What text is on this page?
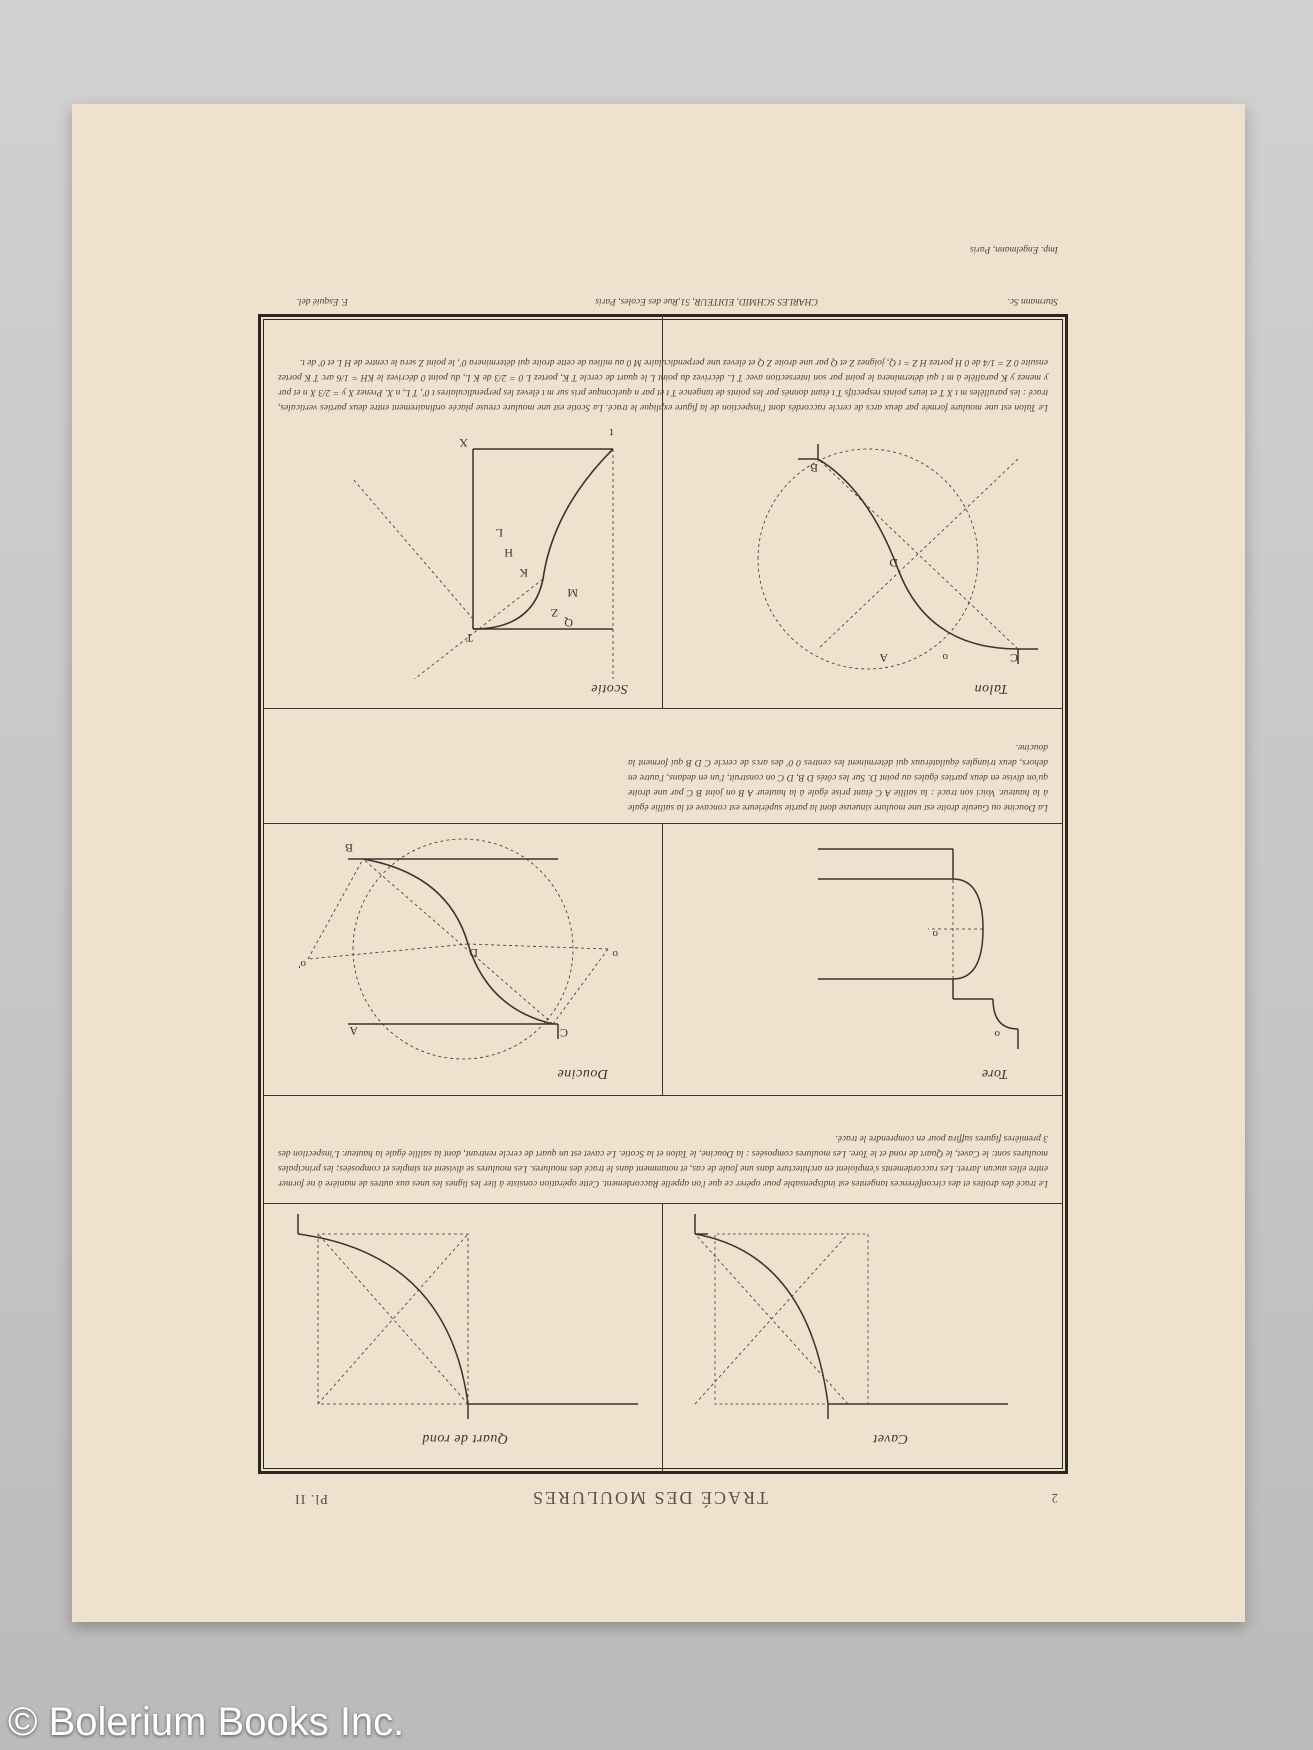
2
TRACÉ DES MOULURES
Pl. II
Cavet
Quart de rond
Le tracé des droites et des circonférences tangentes est indispensable pour opérer ce que l'on appelle Raccordement. Cette opération consiste à lier les lignes les unes aux autres de manière à ne former entre elles aucun Jarret. Les raccordements s'emploient en architecture dans une foule de cas, et notamment dans le tracé des moulures. Les moulures se divisent en simples et composées; les principales moulures sont: le Cavet, le Quart de rond et le Tore. Les moulures composées : la Doucine, le Talon et la Scotie. Le cavet est un quart de cercle rentrant, dont la saillie égale la hauteur. L'inspection des 3 premières figures suffira pour en comprendre le tracé.
Tore
Doucine
o
o
C
A
D	o
o'
B
La Doucine ou Gueule droite est une moulure sinueuse dont la partie supérieure est concave et la saillie égale à la hauteur. Voici son tracé : la saillie A C étant prise égale à la hauteur A B on joint B C par une droite qu'on divise en deux parties égales au point D. Sur les côtés D B, D C on construit, l'un en dedans, l'autre en dehors, deux triangles équilatéraux qui déterminent les centres 0 0' des arcs de cercle C D B qui forment la doucine.
Talon
Scotie
C
o
A
D
B
T
X
Z
M
K
H
L
t
Q
Le Talon est une moulure formée par deux arcs de cercle raccordés dont l'inspection de la figure explique le tracé. La Scotie est une moulure creuse placée ordinairement entre deux parties verticales, tracé : les parallèles m t X T et leurs points respectifs T t étant donnés par les points de tangence T t et par n quelconque pris sur m t élevez les perpendiculaires t 0', T L, n X. Prenez X y = 2/3 X n et par y menez y K parallèle à m t qui déterminera le point par son intersection avec T L. décrivez du point L le quart de cercle T K, portez L 0 = 2/3 de K L, du point 0 décrivez le KH = 1/6 arc T K portez ensuite 0 Z = 1/4 de 0 H portez H Z = t Q, joignez Z et Q par une droite Z Q et élevez une perpendiculaire M 0 au milieu de cette droite qui déterminera 0', le point Z sera le centre de H L et 0' de t.
Sturmann Sc.
CHARLES SCHMID, EDITEUR, 51,Rue des Ecoles, Paris
F. Esquié del.
Imp. Engelmann, Paris
© Bolerium Books Inc.
